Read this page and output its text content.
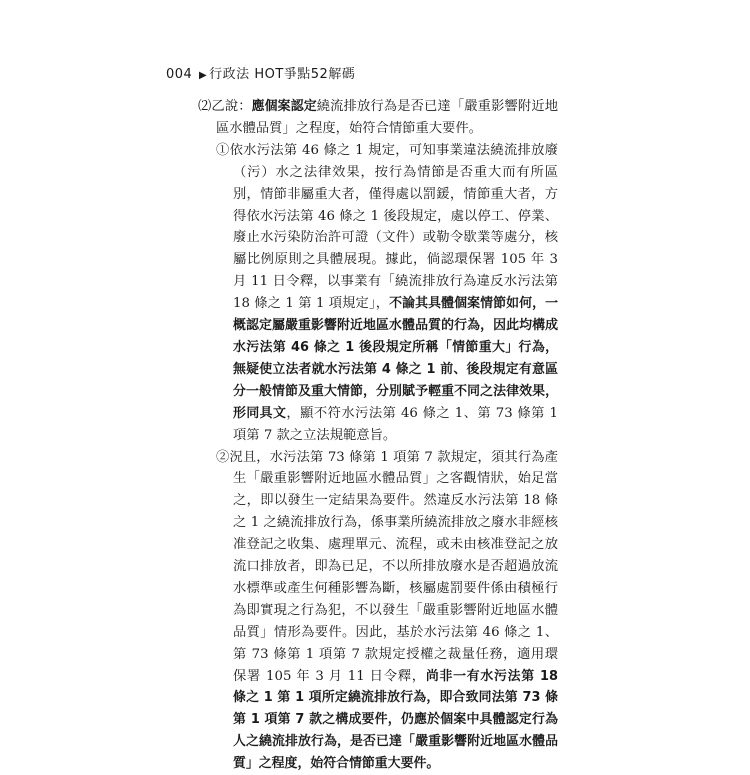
004 ▶ 行政法 HOT爭點52解碼

⑵乙說：應個案認定繞流排放行為是否已達「嚴重影響附近地區水體品質」之程度，始符合情節重大要件。

①依水污法第 46 條之 1 規定，可知事業違法繞流排放廢（污）水之法律效果，按行為情節是否重大而有所區別，情節非屬重大者，僅得處以罰鍰，情節重大者，方得依水污法第 46 條之 1 後段規定，處以停工、停業、廢止水污染防治許可證（文件）或勒令歇業等處分，核屬比例原則之具體展現。據此，倘認環保署 105 年 3 月 11 日令釋，以事業有「繞流排放行為違反水污法第 18 條之 1 第 1 項規定」，不論其具體個案情節如何，一概認定屬嚴重影響附近地區水體品質的行為，因此均構成水污法第 46 條之 1 後段規定所稱「情節重大」行為，無疑使立法者就水污法第 4 條之 1 前、後段規定有意區分一般情節及重大情節，分別賦予輕重不同之法律效果，形同具文，顯不符水污法第 46 條之 1、第 73 條第 1 項第 7 款之立法規範意旨。

②況且，水污法第 73 條第 1 項第 7 款規定，須其行為產生「嚴重影響附近地區水體品質」之客觀情狀，始足當之，即以發生一定結果為要件。然違反水污法第 18 條之 1 之繞流排放行為，係事業所繞流排放之廢水非經核准登記之收集、處理單元、流程，或未由核准登記之放流口排放者，即為已足，不以所排放廢水是否超過放流水標準或產生何種影響為斷，核屬處罰要件係由積極行為即實現之行為犯，不以發生「嚴重影響附近地區水體品質」情形為要件。因此，基於水污法第 46 條之 1、第 73 條第 1 項第 7 款規定授權之裁量任務，適用環保署 105 年 3 月 11 日令釋，尚非一有水污法第 18 條之 1 第 1 項所定繞流排放行為，即合致同法第 73 條第 1 項第 7 款之構成要件，仍應於個案中具體認定行為人之繞流排放行為，是否已達「嚴重影響附近地區水體品質」之程度，始符合情節重大要件。
